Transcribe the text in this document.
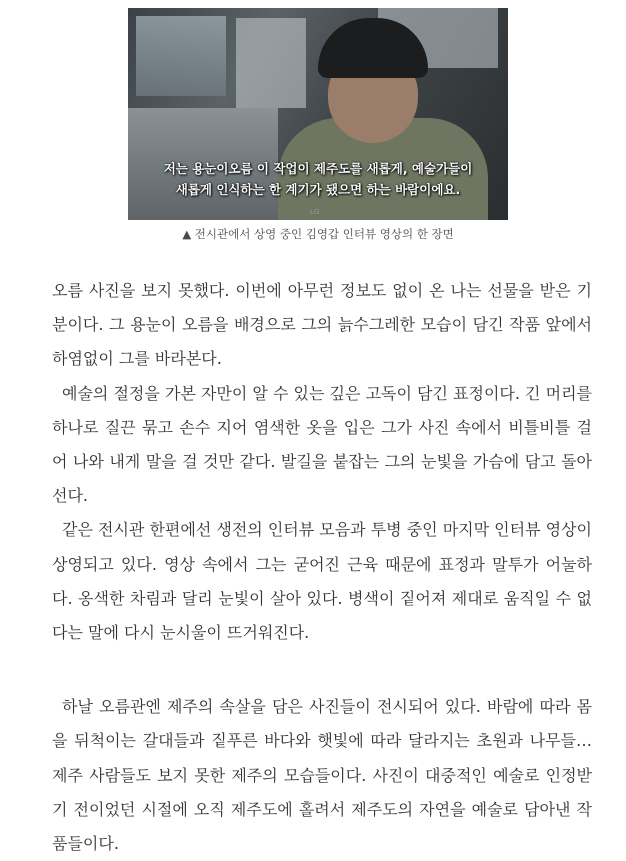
저는 용눈이오름 이 작업이 제주도를 새롭게, 예술가들이
새롭게 인식하는 한 계기가 됐으면 하는 바람이에요.
LG
▲ 전시관에서 상영 중인 김영갑 인터뷰 영상의 한 장면

오름 사진을 보지 못했다. 이번에 아무런 정보도 없이 온 나는 선물을 받은 기분이다. 그 용눈이 오름을 배경으로 그의 늙수그레한 모습이 담긴 작품 앞에서 하염없이 그를 바라본다.

예술의 절정을 가본 자만이 알 수 있는 깊은 고독이 담긴 표정이다. 긴 머리를 하나로 질끈 묶고 손수 지어 염색한 옷을 입은 그가 사진 속에서 비틀비틀 걸어 나와 내게 말을 걸 것만 같다. 발길을 붙잡는 그의 눈빛을 가슴에 담고 돌아선다.

같은 전시관 한편에선 생전의 인터뷰 모음과 투병 중인 마지막 인터뷰 영상이 상영되고 있다. 영상 속에서 그는 굳어진 근육 때문에 표정과 말투가 어눌하다. 옹색한 차림과 달리 눈빛이 살아 있다. 병색이 짙어져 제대로 움직일 수 없다는 말에 다시 눈시울이 뜨거워진다.

하날 오름관엔 제주의 속살을 담은 사진들이 전시되어 있다. 바람에 따라 몸을 뒤척이는 갈대들과 짙푸른 바다와 햇빛에 따라 달라지는 초원과 나무들… 제주 사람들도 보지 못한 제주의 모습들이다. 사진이 대중적인 예술로 인정받기 전이었던 시절에 오직 제주도에 홀려서 제주도의 자연을 예술로 담아낸 작품들이다.
